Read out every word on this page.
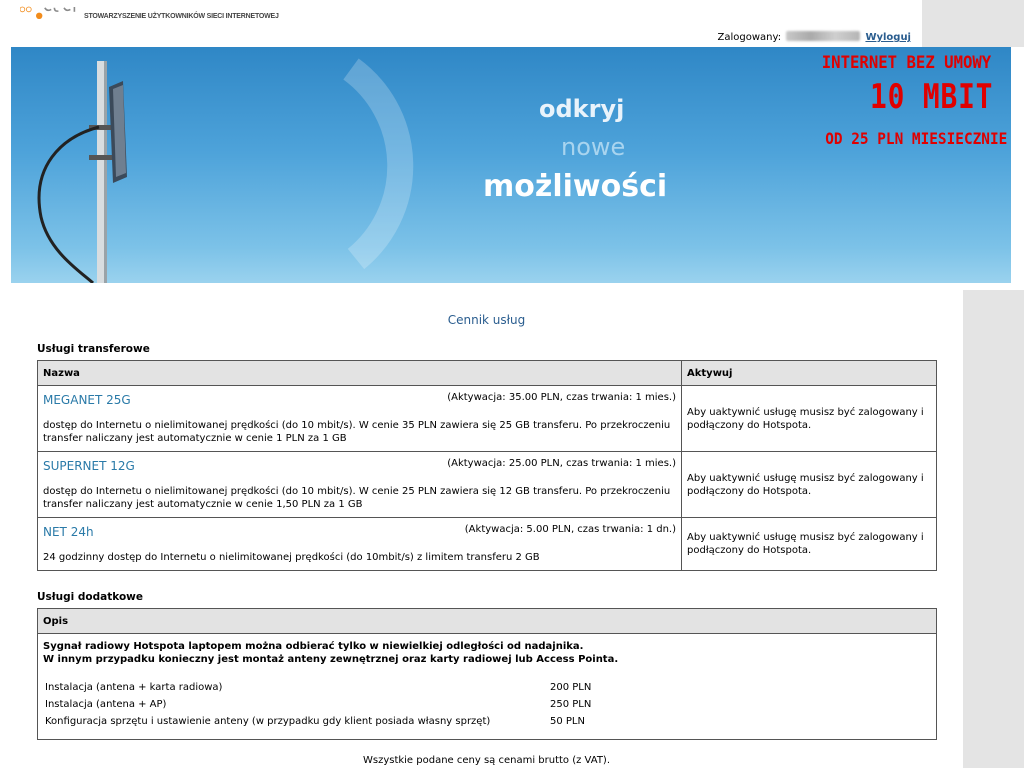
STOWARZYSZENIE UŻYTKOWNIKÓW SIECI INTERNETOWEJ
Zalogowany:	Wyloguj
odkryj
nowe
możliwości
INTERNET BEZ UMOWY
10 MBIT
OD 25 PLN MIESIECZNIE
Cennik usług
Usługi transferowe
Nazwa	Aktywuj

MEGANET 25G (Aktywacja: 35.00 PLN, czas trwania: 1 mies.)
dostęp do Internetu o nielimitowanej prędkości (do 10 mbit/s). W cenie 35 PLN zawiera się 25 GB transferu. Po przekroczeniu transfer naliczany jest automatycznie w cenie 1 PLN za 1 GB	Aby uaktywnić usługę musisz być zalogowany i podłączony do Hotspota.

SUPERNET 12G (Aktywacja: 25.00 PLN, czas trwania: 1 mies.)
dostęp do Internetu o nielimitowanej prędkości (do 10 mbit/s). W cenie 25 PLN zawiera się 12 GB transferu. Po przekroczeniu transfer naliczany jest automatycznie w cenie 1,50 PLN za 1 GB	Aby uaktywnić usługę musisz być zalogowany i podłączony do Hotspota.

NET 24h (Aktywacja: 5.00 PLN, czas trwania: 1 dn.)
24 godzinny dostęp do Internetu o nielimitowanej prędkości (do 10mbit/s) z limitem transferu 2 GB	Aby uaktywnić usługę musisz być zalogowany i podłączony do Hotspota.
Usługi dodatkowe
Opis

Sygnał radiowy Hotspota laptopem można odbierać tylko w niewielkiej odległości od nadajnika.
W innym przypadku konieczny jest montaż anteny zewnętrznej oraz karty radiowej lub Access Pointa.
Instalacja (antena + karta radiowa)	200 PLN
Instalacja (antena + AP)	250 PLN
Konfiguracja sprzętu i ustawienie anteny (w przypadku gdy klient posiada własny sprzęt)	50 PLN
Wszystkie podane ceny są cenami brutto (z VAT).
